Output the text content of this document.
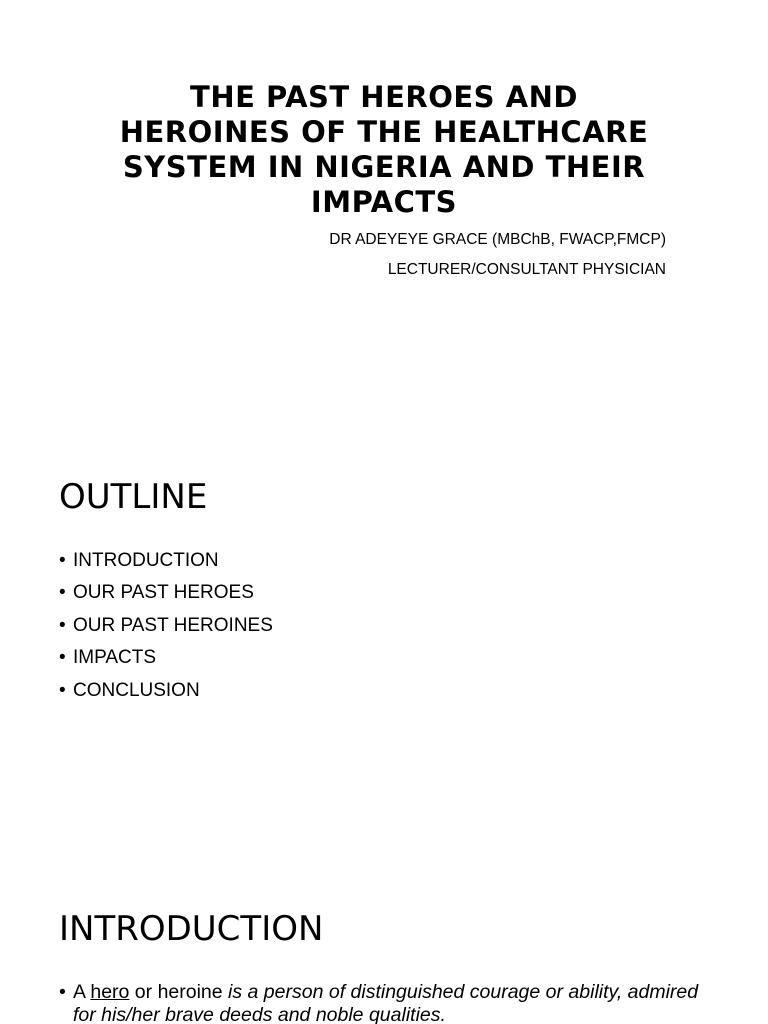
THE PAST HEROES AND HEROINES OF THE HEALTHCARE SYSTEM IN NIGERIA AND THEIR IMPACTS
DR ADEYEYE GRACE (MBChB, FWACP,FMCP)
LECTURER/CONSULTANT PHYSICIAN
OUTLINE
• INTRODUCTION
• OUR PAST HEROES
• OUR PAST HEROINES
• IMPACTS
• CONCLUSION
INTRODUCTION

• A hero or heroine is a person of distinguished courage or ability, admired for his/her brave deeds and noble qualities.
